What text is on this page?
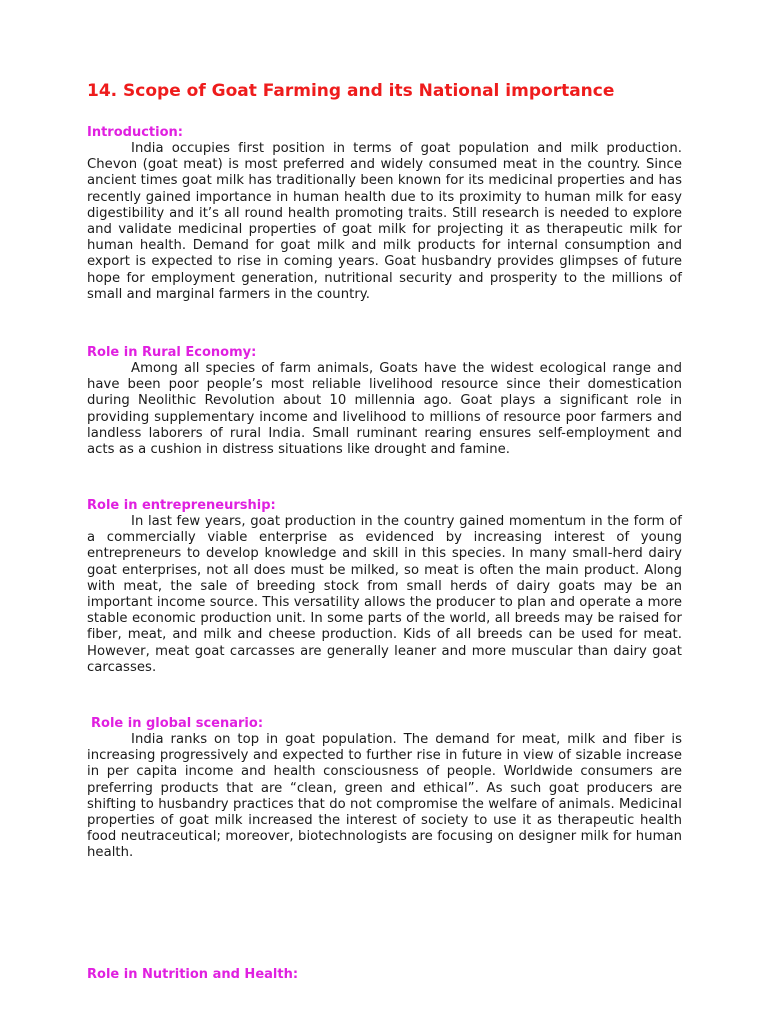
14. Scope of Goat Farming and its National importance
Introduction:

India occupies first position in terms of goat population and milk production. Chevon (goat meat) is most preferred and widely consumed meat in the country. Since ancient times goat milk has traditionally been known for its medicinal properties and has recently gained importance in human health due to its proximity to human milk for easy digestibility and it’s all round health promoting traits. Still research is needed to explore and validate medicinal properties of goat milk for projecting it as therapeutic milk for human health. Demand for goat milk and milk products for internal consumption and export is expected to rise in coming years. Goat husbandry provides glimpses of future hope for employment generation, nutritional security and prosperity to the millions of small and marginal farmers in the country.

Role in Rural Economy:

Among all species of farm animals, Goats have the widest ecological range and have been poor people’s most reliable livelihood resource since their domestication during Neolithic Revolution about 10 millennia ago. Goat plays a significant role in providing supplementary income and livelihood to millions of resource poor farmers and landless laborers of rural India. Small ruminant rearing ensures self-employment and acts as a cushion in distress situations like drought and famine.

Role in entrepreneurship:

In last few years, goat production in the country gained momentum in the form of a commercially viable enterprise as evidenced by increasing interest of young entrepreneurs to develop knowledge and skill in this species. In many small-herd dairy goat enterprises, not all does must be milked, so meat is often the main product. Along with meat, the sale of breeding stock from small herds of dairy goats may be an important income source. This versatility allows the producer to plan and operate a more stable economic production unit. In some parts of the world, all breeds may be raised for fiber, meat, and milk and cheese production. Kids of all breeds can be used for meat. However, meat goat carcasses are generally leaner and more muscular than dairy goat carcasses.

Role in global scenario:

India ranks on top in goat population. The demand for meat, milk and fiber is increasing progressively and expected to further rise in future in view of sizable increase in per capita income and health consciousness of people. Worldwide consumers are preferring products that are “clean, green and ethical”. As such goat producers are shifting to husbandry practices that do not compromise the welfare of animals. Medicinal properties of goat milk increased the interest of society to use it as therapeutic health food neutraceutical; moreover, biotechnologists are focusing on designer milk for human health.

Role in Nutrition and Health:
